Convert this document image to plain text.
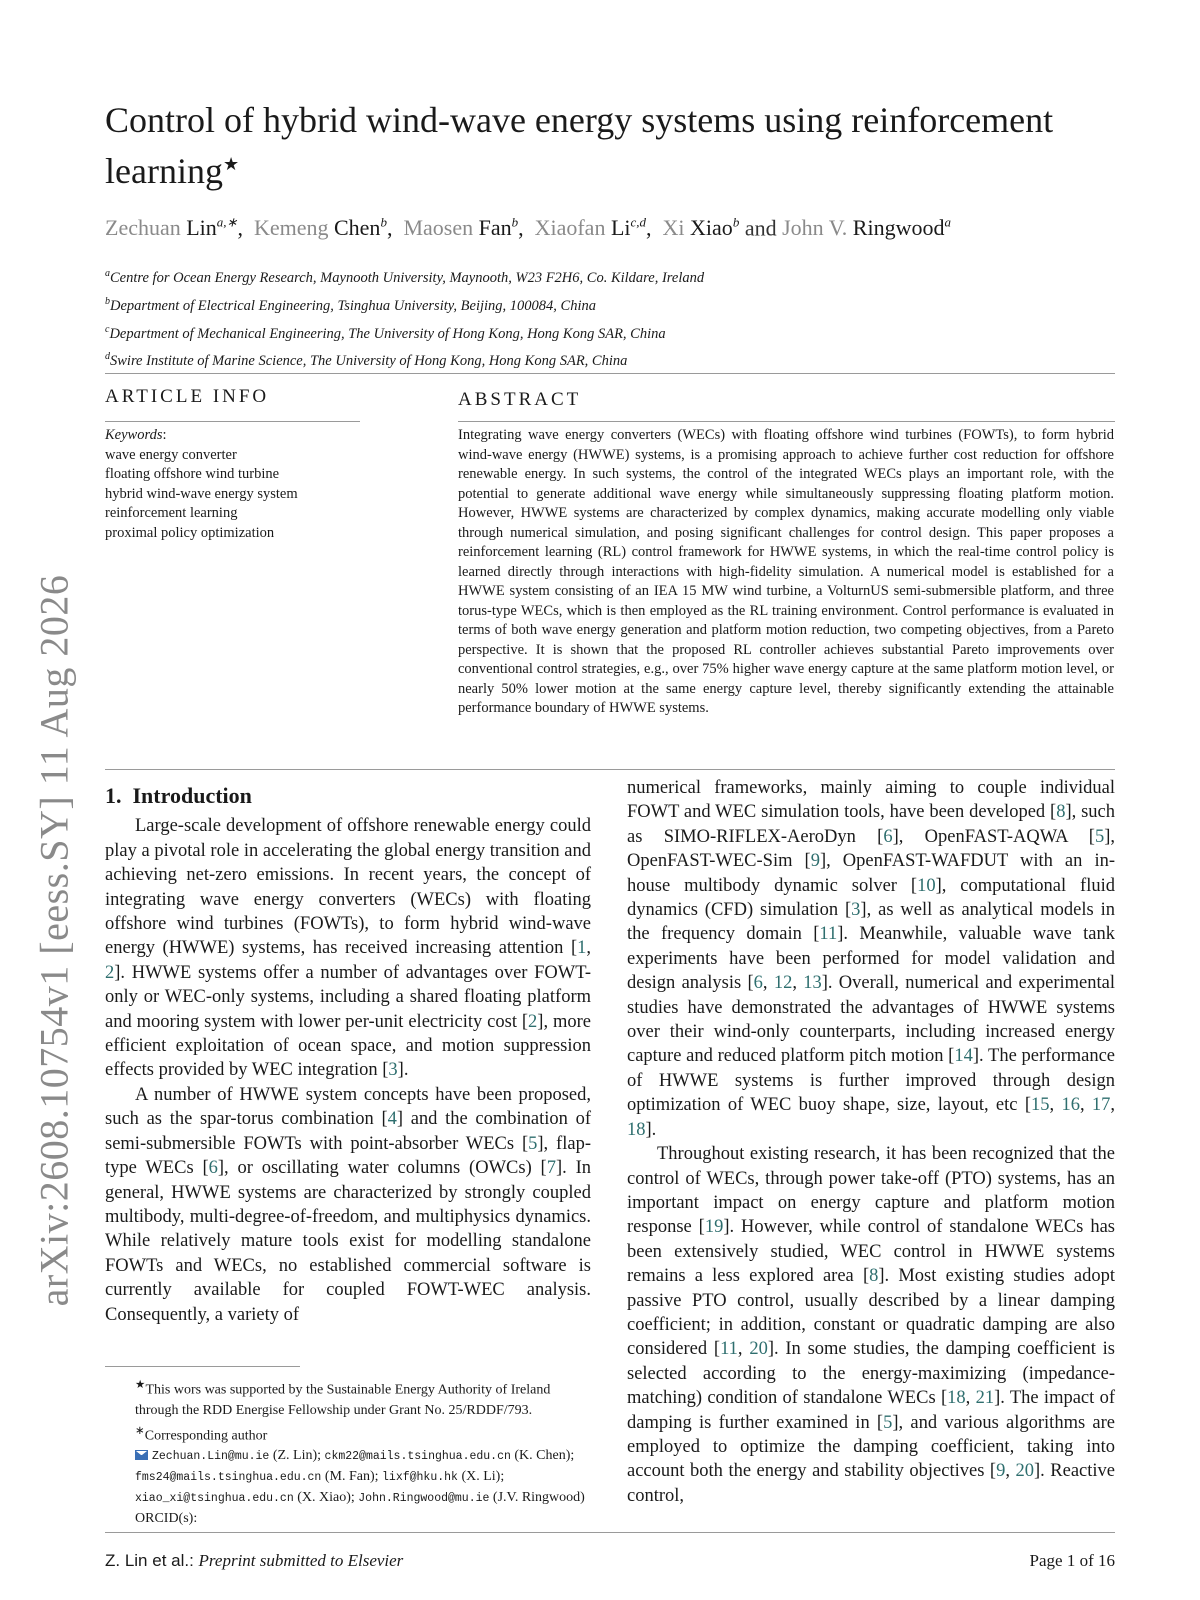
arXiv:2608.10754v1 [eess.SY] 11 Aug 2026
Control of hybrid wind-wave energy systems using reinforcement learning★
Zechuan Lin$^{a,∗}$,  Kemeng Chen$^b$,  Maosen Fan$^b$,  Xiaofan Li$^{c,d}$,  Xi Xiao$^b$ and John V. Ringwood$^a$
$^a$Centre for Ocean Energy Research, Maynooth University, Maynooth, W23 F2H6, Co. Kildare, Ireland
$^b$Department of Electrical Engineering, Tsinghua University, Beijing, 100084, China
$^c$Department of Mechanical Engineering, The University of Hong Kong, Hong Kong SAR, China
$^d$Swire Institute of Marine Science, The University of Hong Kong, Hong Kong SAR, China
ARTICLE INFO	ABSTRACT
Keywords:
wave energy converter
floating offshore wind turbine
hybrid wind-wave energy system
reinforcement learning
proximal policy optimization

Integrating wave energy converters (WECs) with floating offshore wind turbines (FOWTs), to form hybrid wind-wave energy (HWWE) systems, is a promising approach to achieve further cost reduction for offshore renewable energy. In such systems, the control of the integrated WECs plays an important role, with the potential to generate additional wave energy while simultaneously suppressing floating platform motion. However, HWWE systems are characterized by complex dynamics, making accurate modelling only viable through numerical simulation, and posing significant challenges for control design. This paper proposes a reinforcement learning (RL) control framework for HWWE systems, in which the real-time control policy is learned directly through interactions with high-fidelity simulation. A numerical model is established for a HWWE system consisting of an IEA 15 MW wind turbine, a VolturnUS semi-submersible platform, and three torus-type WECs, which is then employed as the RL training environment. Control performance is evaluated in terms of both wave energy generation and platform motion reduction, two competing objectives, from a Pareto perspective. It is shown that the proposed RL controller achieves substantial Pareto improvements over conventional control strategies, e.g., over 75% higher wave energy capture at the same platform motion level, or nearly 50% lower motion at the same energy capture level, thereby significantly extending the attainable performance boundary of HWWE systems.

1. Introduction

Large-scale development of offshore renewable energy could play a pivotal role in accelerating the global energy transition and achieving net-zero emissions. In recent years, the concept of integrating wave energy converters (WECs) with floating offshore wind turbines (FOWTs), to form hybrid wind-wave energy (HWWE) systems, has received increasing attention [1, 2]. HWWE systems offer a number of advantages over FOWT-only or WEC-only systems, including a shared floating platform and mooring system with lower per-unit electricity cost [2], more efficient exploitation of ocean space, and motion suppression effects provided by WEC integration [3].

A number of HWWE system concepts have been proposed, such as the spar-torus combination [4] and the combination of semi-submersible FOWTs with point-absorber WECs [5], flap-type WECs [6], or oscillating water columns (OWCs) [7]. In general, HWWE systems are characterized by strongly coupled multibody, multi-degree-of-freedom, and multiphysics dynamics. While relatively mature tools exist for modelling standalone FOWTs and WECs, no established commercial software is currently available for coupled FOWT-WEC analysis. Consequently, a variety of

numerical frameworks, mainly aiming to couple individual FOWT and WEC simulation tools, have been developed [8], such as SIMO-RIFLEX-AeroDyn [6], OpenFAST-AQWA [5], OpenFAST-WEC-Sim [9], OpenFAST-WAFDUT with an in-house multibody dynamic solver [10], computational fluid dynamics (CFD) simulation [3], as well as analytical models in the frequency domain [11]. Meanwhile, valuable wave tank experiments have been performed for model validation and design analysis [6, 12, 13]. Overall, numerical and experimental studies have demonstrated the advantages of HWWE systems over their wind-only counterparts, including increased energy capture and reduced platform pitch motion [14]. The performance of HWWE systems is further improved through design optimization of WEC buoy shape, size, layout, etc [15, 16, 17, 18].

Throughout existing research, it has been recognized that the control of WECs, through power take-off (PTO) systems, has an important impact on energy capture and platform motion response [19]. However, while control of standalone WECs has been extensively studied, WEC control in HWWE systems remains a less explored area [8]. Most existing studies adopt passive PTO control, usually described by a linear damping coefficient; in addition, constant or quadratic damping are also considered [11, 20]. In some studies, the damping coefficient is selected according to the energy-maximizing (impedance-matching) condition of standalone WECs [18, 21]. The impact of damping is further examined in [5], and various algorithms are employed to optimize the damping coefficient, taking into account both the energy and stability objectives [9, 20]. Reactive control,

★This wors was supported by the Sustainable Energy Authority of Ireland through the RDD Energise Fellowship under Grant No. 25/RDDF/793.

∗Corresponding author

Zechuan.Lin@mu.ie (Z. Lin); ckm22@mails.tsinghua.edu.cn (K. Chen); fms24@mails.tsinghua.edu.cn (M. Fan); lixf@hku.hk (X. Li); xiao_xi@tsinghua.edu.cn (X. Xiao); John.Ringwood@mu.ie (J.V. Ringwood)

ORCID(s):

Z. Lin et al.: Preprint submitted to Elsevier	Page 1 of 16
